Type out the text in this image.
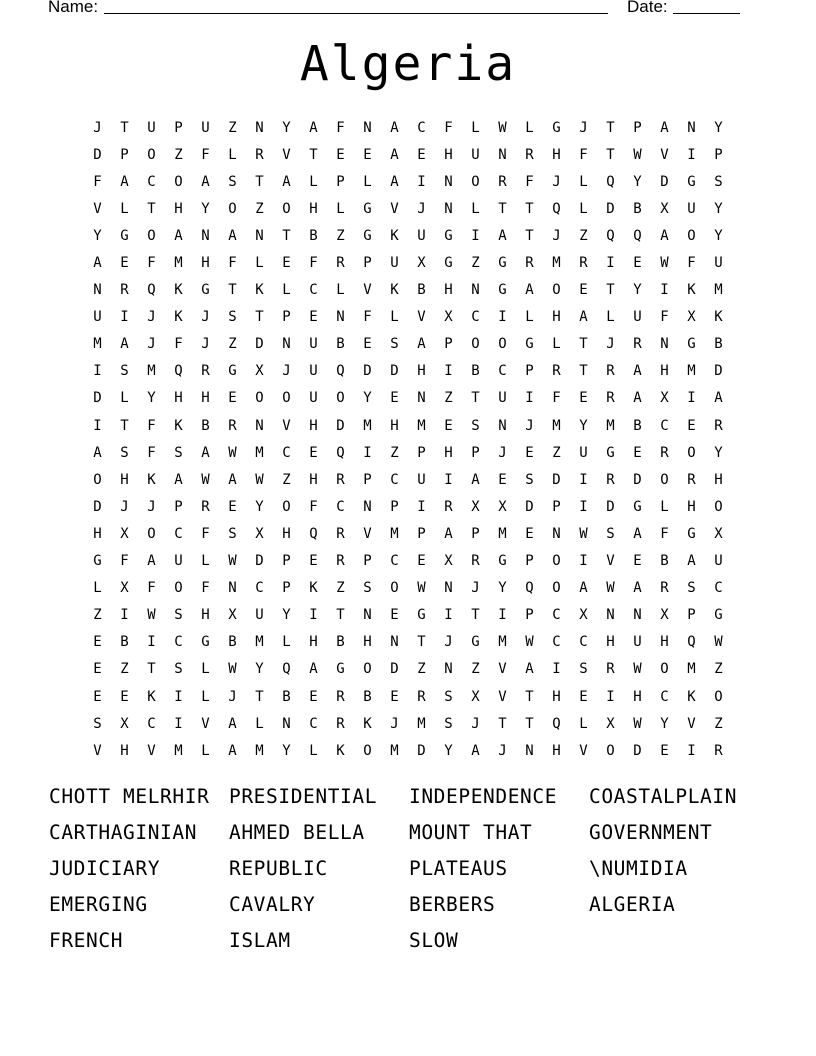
Name:	Date:
Algeria
J	T	U	P	U	Z	N	Y	A	F	N	A	C	F	L	W	L	G	J	T	P	A	N	Y
D	P	O	Z	F	L	R	V	T	E	E	A	E	H	U	N	R	H	F	T	W	V	I	P
F	A	C	O	A	S	T	A	L	P	L	A	I	N	O	R	F	J	L	Q	Y	D	G	S
V	L	T	H	Y	O	Z	O	H	L	G	V	J	N	L	T	T	Q	L	D	B	X	U	Y
Y	G	O	A	N	A	N	T	B	Z	G	K	U	G	I	A	T	J	Z	Q	Q	A	O	Y
A	E	F	M	H	F	L	E	F	R	P	U	X	G	Z	G	R	M	R	I	E	W	F	U
N	R	Q	K	G	T	K	L	C	L	V	K	B	H	N	G	A	O	E	T	Y	I	K	M
U	I	J	K	J	S	T	P	E	N	F	L	V	X	C	I	L	H	A	L	U	F	X	K
M	A	J	F	J	Z	D	N	U	B	E	S	A	P	O	O	G	L	T	J	R	N	G	B
I	S	M	Q	R	G	X	J	U	Q	D	D	H	I	B	C	P	R	T	R	A	H	M	D
D	L	Y	H	H	E	O	O	U	O	Y	E	N	Z	T	U	I	F	E	R	A	X	I	A
I	T	F	K	B	R	N	V	H	D	M	H	M	E	S	N	J	M	Y	M	B	C	E	R
A	S	F	S	A	W	M	C	E	Q	I	Z	P	H	P	J	E	Z	U	G	E	R	O	Y
O	H	K	A	W	A	W	Z	H	R	P	C	U	I	A	E	S	D	I	R	D	O	R	H
D	J	J	P	R	E	Y	O	F	C	N	P	I	R	X	X	D	P	I	D	G	L	H	O
H	X	O	C	F	S	X	H	Q	R	V	M	P	A	P	M	E	N	W	S	A	F	G	X
G	F	A	U	L	W	D	P	E	R	P	C	E	X	R	G	P	O	I	V	E	B	A	U
L	X	F	O	F	N	C	P	K	Z	S	O	W	N	J	Y	Q	O	A	W	A	R	S	C
Z	I	W	S	H	X	U	Y	I	T	N	E	G	I	T	I	P	C	X	N	N	X	P	G
E	B	I	C	G	B	M	L	H	B	H	N	T	J	G	M	W	C	C	H	U	H	Q	W
E	Z	T	S	L	W	Y	Q	A	G	O	D	Z	N	Z	V	A	I	S	R	W	O	M	Z
E	E	K	I	L	J	T	B	E	R	B	E	R	S	X	V	T	H	E	I	H	C	K	O
S	X	C	I	V	A	L	N	C	R	K	J	M	S	J	T	T	Q	L	X	W	Y	V	Z
V	H	V	M	L	A	M	Y	L	K	O	M	D	Y	A	J	N	H	V	O	D	E	I	R
CHOTT MELRHIR	PRESIDENTIAL	INDEPENDENCE	COASTALPLAIN
CARTHAGINIAN	AHMED BELLA	MOUNT THAT	GOVERNMENT
JUDICIARY	REPUBLIC	PLATEAUS	\NUMIDIA
EMERGING	CAVALRY	BERBERS	ALGERIA
FRENCH	ISLAM	SLOW
